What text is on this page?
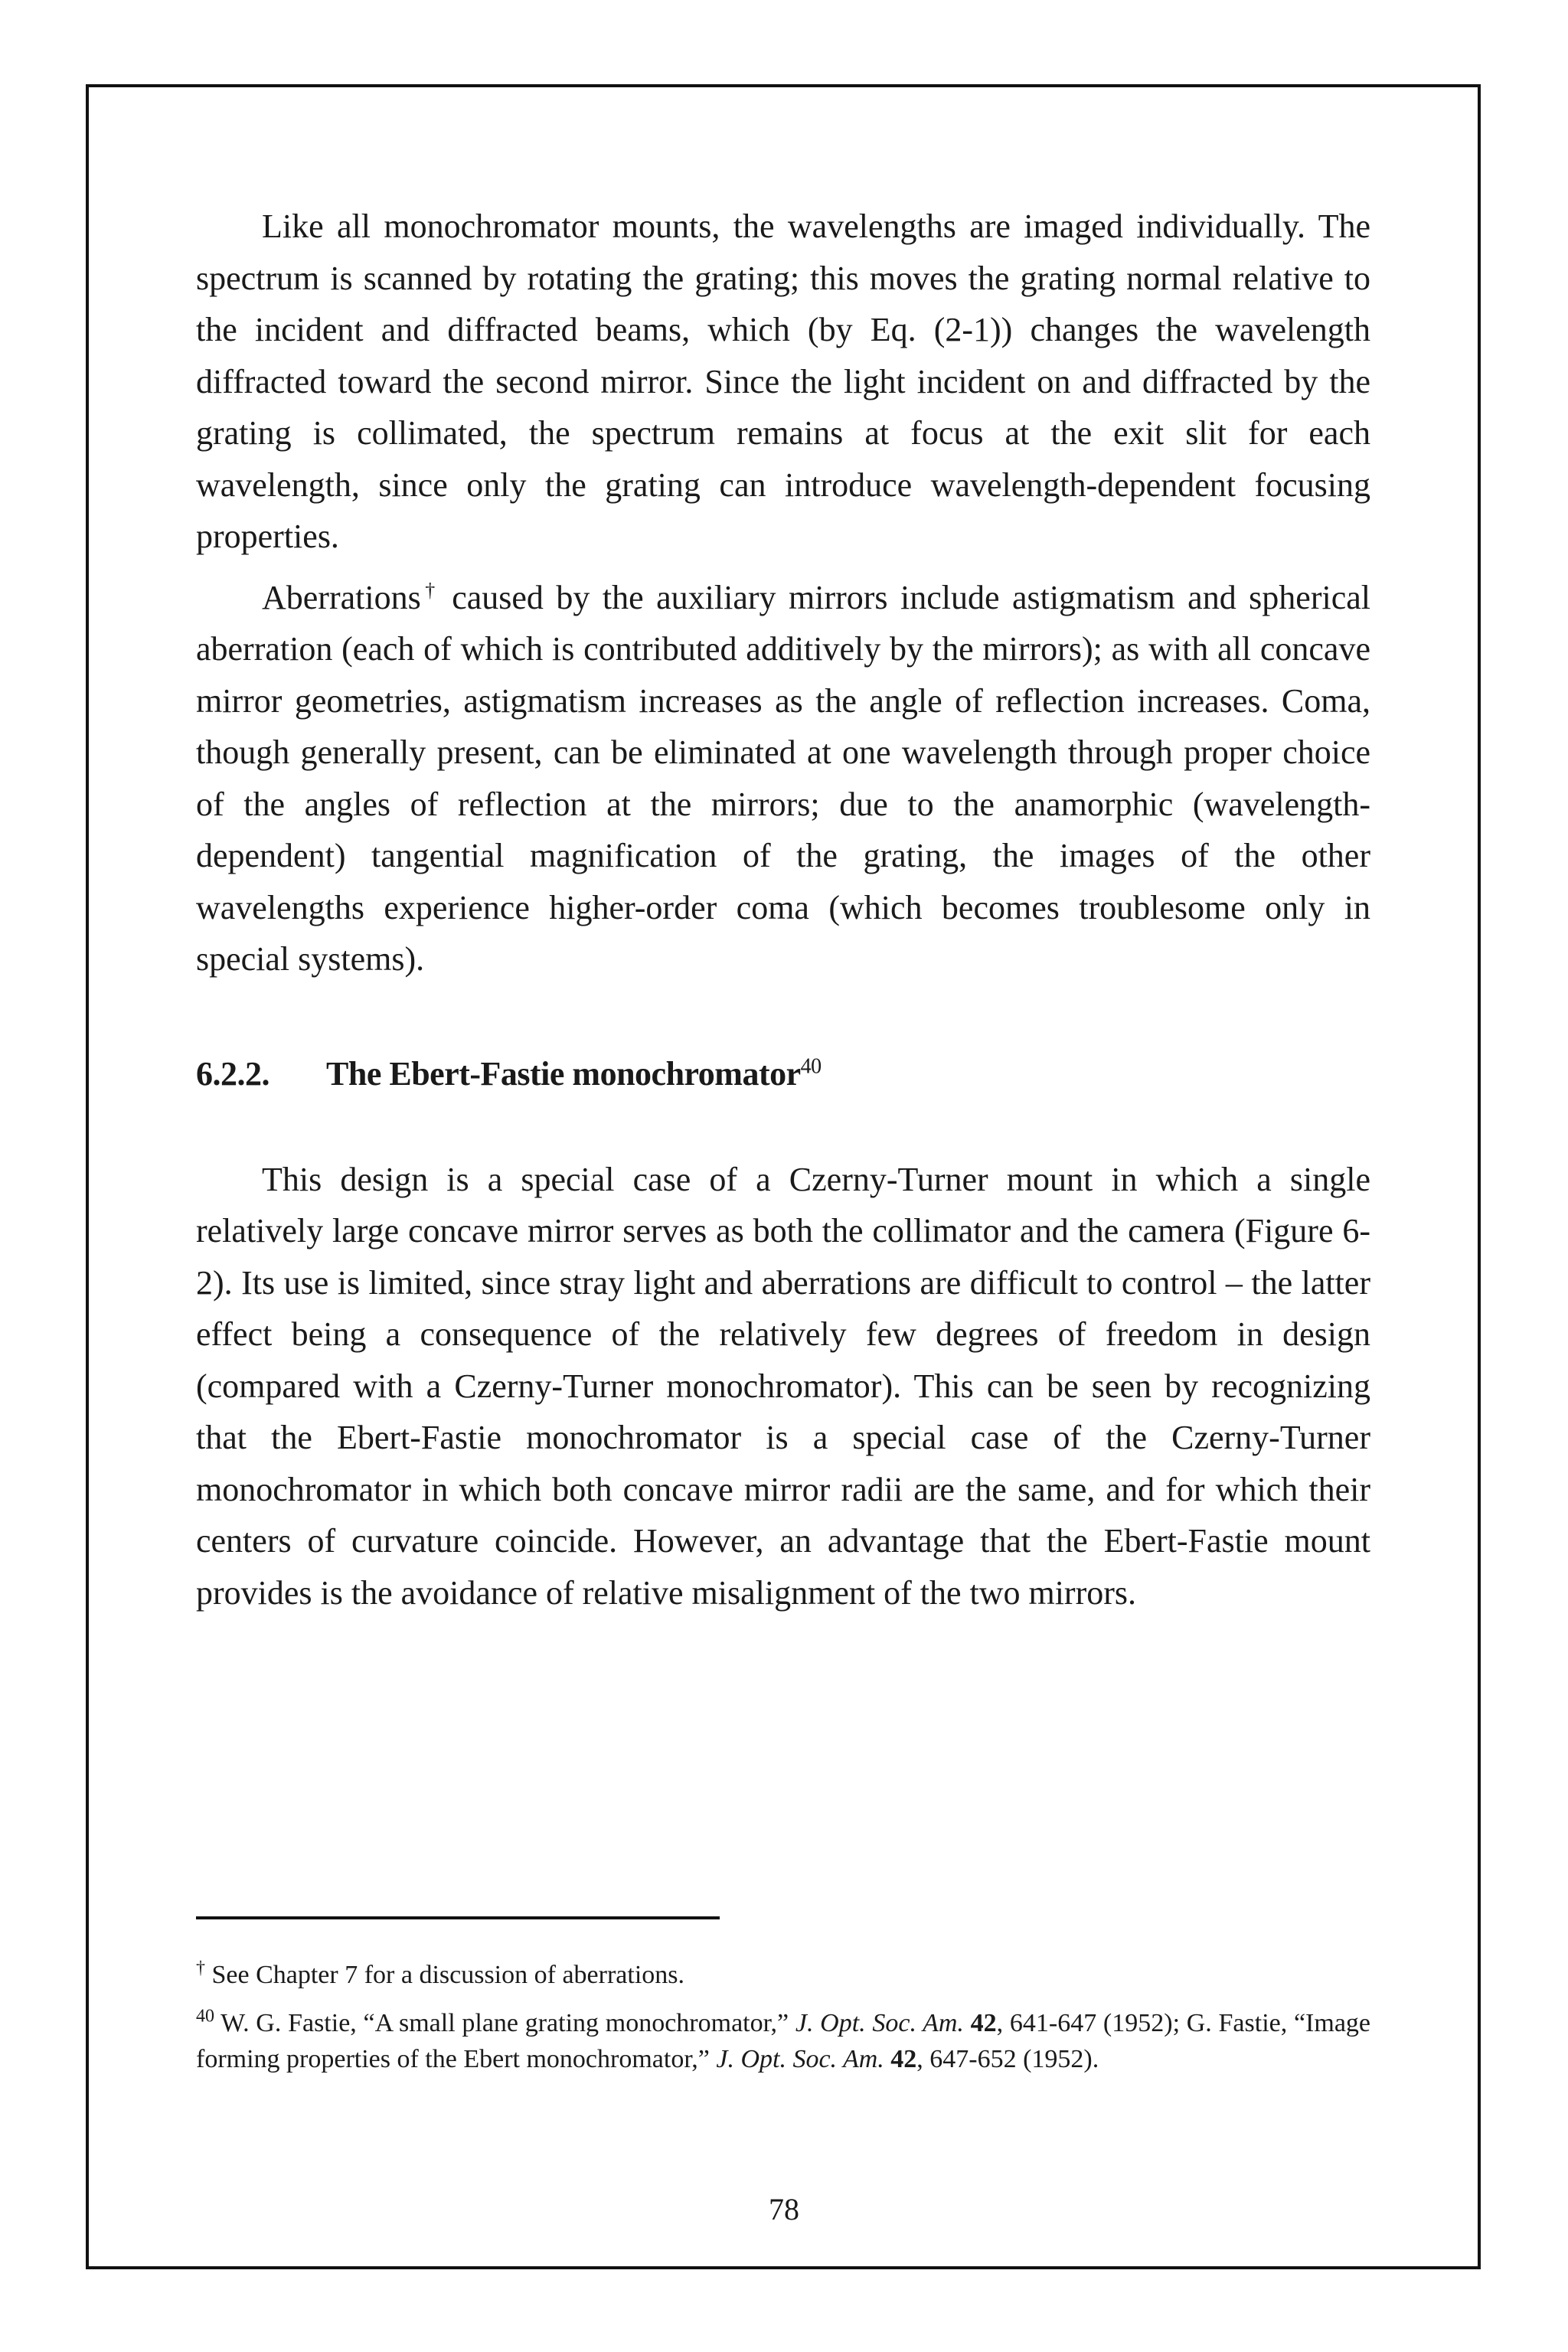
Like all monochromator mounts, the wavelengths are imaged individually. The spectrum is scanned by rotating the grating; this moves the grating normal relative to the incident and diffracted beams, which (by Eq. (2-1)) changes the wavelength diffracted toward the second mirror. Since the light incident on and diffracted by the grating is collimated, the spectrum remains at focus at the exit slit for each wavelength, since only the grating can introduce wavelength-dependent focusing properties.

Aberrations† caused by the auxiliary mirrors include astigmatism and spherical aberration (each of which is contributed additively by the mirrors); as with all concave mirror geometries, astigmatism increases as the angle of reflection increases. Coma, though generally present, can be eliminated at one wavelength through proper choice of the angles of reflection at the mirrors; due to the anamorphic (wavelength-dependent) tangential magnification of the grating, the images of the other wavelengths experience higher-order coma (which becomes troublesome only in special systems).

6.2.2. The Ebert-Fastie monochromator$^{40}$

This design is a special case of a Czerny-Turner mount in which a single relatively large concave mirror serves as both the collimator and the camera (Figure 6-2). Its use is limited, since stray light and aberrations are difficult to control – the latter effect being a consequence of the relatively few degrees of freedom in design (compared with a Czerny-Turner monochromator). This can be seen by recognizing that the Ebert-Fastie monochromator is a special case of the Czerny-Turner monochromator in which both concave mirror radii are the same, and for which their centers of curvature coincide. However, an advantage that the Ebert-Fastie mount provides is the avoidance of relative misalignment of the two mirrors.

† See Chapter 7 for a discussion of aberrations.

$^{40}$ W. G. Fastie, “A small plane grating monochromator,” J. Opt. Soc. Am. 42, 641-647 (1952); G. Fastie, “Image forming properties of the Ebert monochromator,” J. Opt. Soc. Am. 42, 647-652 (1952).

78
